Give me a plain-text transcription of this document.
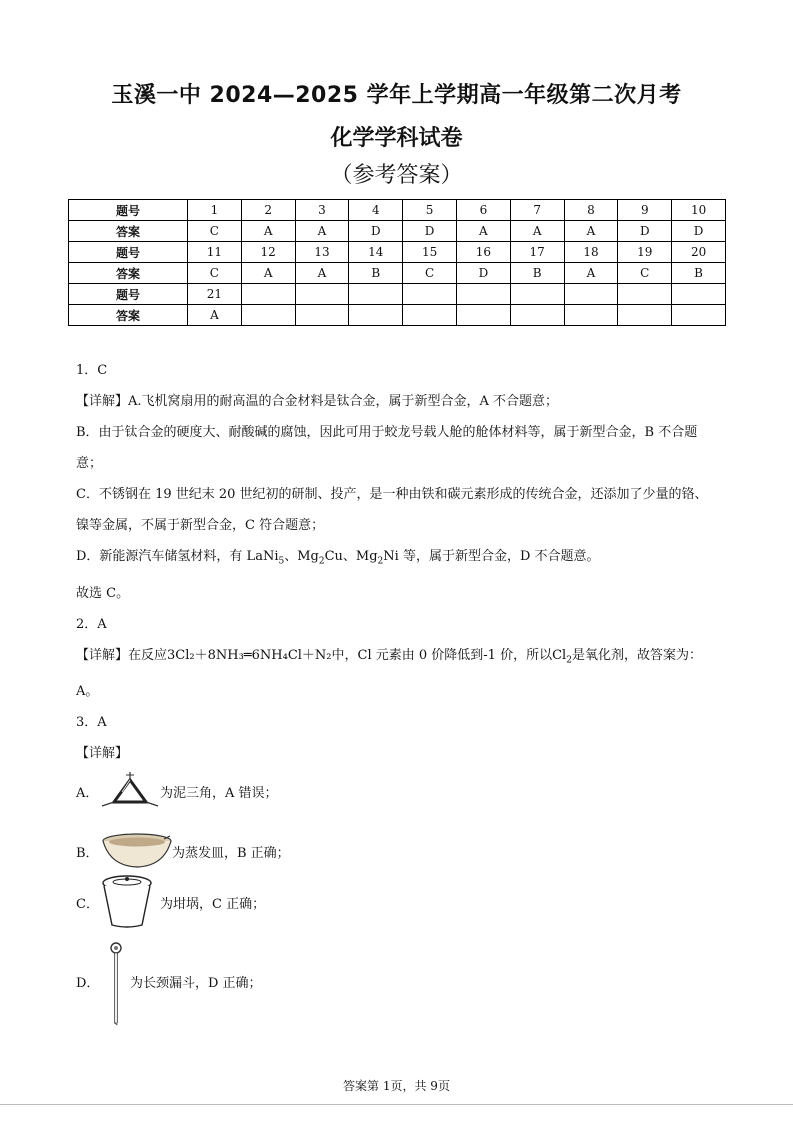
玉溪一中 2024—2025 学年上学期高一年级第二次月考
化学学科试卷
（参考答案）
题号	1	2	3	4	5	6	7	8	9	10
答案	C	A	A	D	D	A	A	A	D	D
题号	11	12	13	14	15	16	17	18	19	20
答案	C	A	A	B	C	D	B	A	C	B
题号	21									
答案	A									

1．C

【详解】A.飞机窝扇用的耐高温的合金材料是钛合金，属于新型合金，A 不合题意；

B．由于钛合金的硬度大、耐酸碱的腐蚀，因此可用于蛟龙号载人舱的舱体材料等，属于新型合金，B 不合题意；

C．不锈钢在 19 世纪末 20 世纪初的研制、投产，是一种由铁和碳元素形成的传统合金，还添加了少量的铬、镍等金属，不属于新型合金，C 符合题意；

D．新能源汽车储氢材料，有 LaNi$_5$、$Mg_2Cu$、$Mg_2Ni$ 等，属于新型合金，D 不合题意。

故选 C。

2．A

【详解】在反应3Cl₂＋8NH₃═6NH₄Cl＋N₂中，Cl 元素由 0 价降低到-1 价，所以$Cl_2$是氧化剂，故答案为：

A。

3．A

【详解】

A．	为泥三角，A 错误；
B．	为蒸发皿，B 正确；
C．	为坩埚，C 正确；
D． 为长颈漏斗，D 正确；
答案第 1页，共 9页
